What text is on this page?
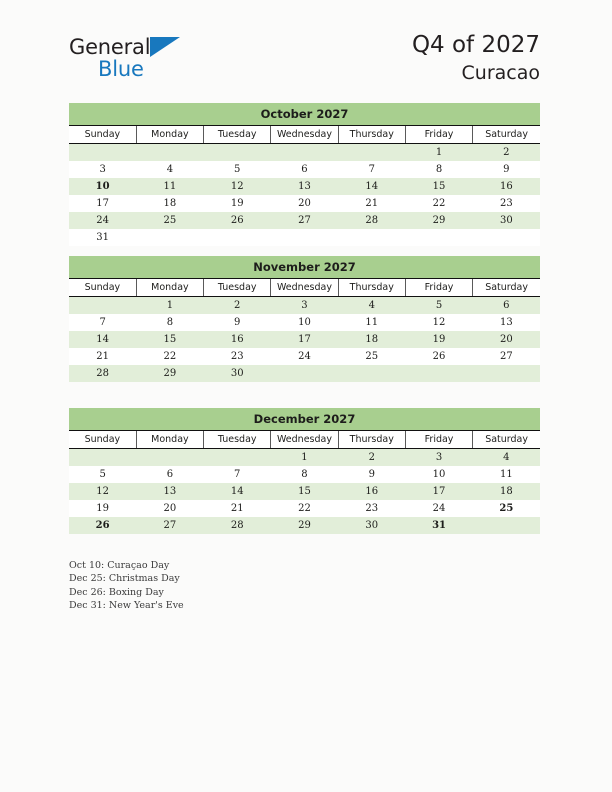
General
Blue
Q4 of 2027
Curacao
October 2027
Sunday	Monday	Tuesday	Wednesday	Thursday	Friday	Saturday
					1	2
3	4	5	6	7	8	9
10	11	12	13	14	15	16
17	18	19	20	21	22	23
24	25	26	27	28	29	30
31						
November 2027
Sunday	Monday	Tuesday	Wednesday	Thursday	Friday	Saturday
	1	2	3	4	5	6
7	8	9	10	11	12	13
14	15	16	17	18	19	20
21	22	23	24	25	26	27
28	29	30				
December 2027
Sunday	Monday	Tuesday	Wednesday	Thursday	Friday	Saturday
			1	2	3	4
5	6	7	8	9	10	11
12	13	14	15	16	17	18
19	20	21	22	23	24	25
26	27	28	29	30	31	
Oct 10: Curaçao Day
Dec 25: Christmas Day
Dec 26: Boxing Day
Dec 31: New Year's Eve
